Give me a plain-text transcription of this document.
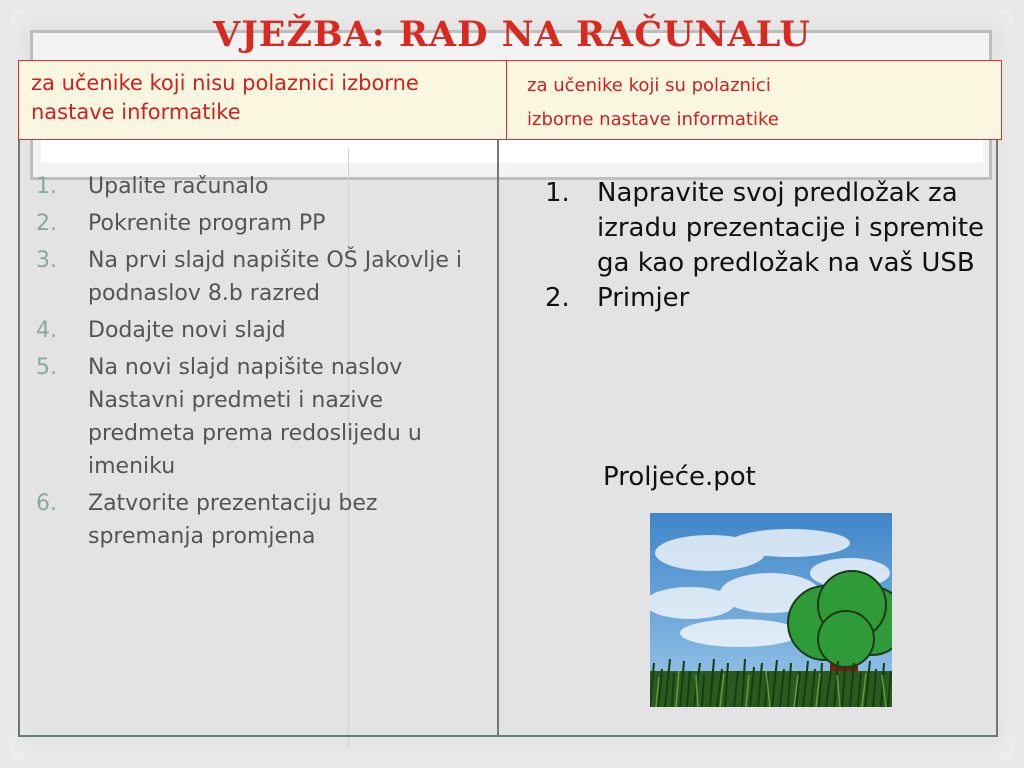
VJEŽBA: RAD NA RAČUNALU
za učenike koji nisu polaznici izborne nastave informatike
za učenike koji su polaznici
izborne nastave informatike
1. Upalite računalo
2. Pokrenite program PP
3. Na prvi slajd napišite OŠ Jakovlje i podnaslov 8.b razred
4. Dodajte novi slajd
5. Na novi slajd napišite naslov Nastavni predmeti i nazive predmeta prema redoslijedu u imeniku
6. Zatvorite prezentaciju bez spremanja promjena
1. Napravite svoj predložak za izradu prezentacije i spremite ga kao predložak na vaš USB
2. Primjer
Proljeće.pot
